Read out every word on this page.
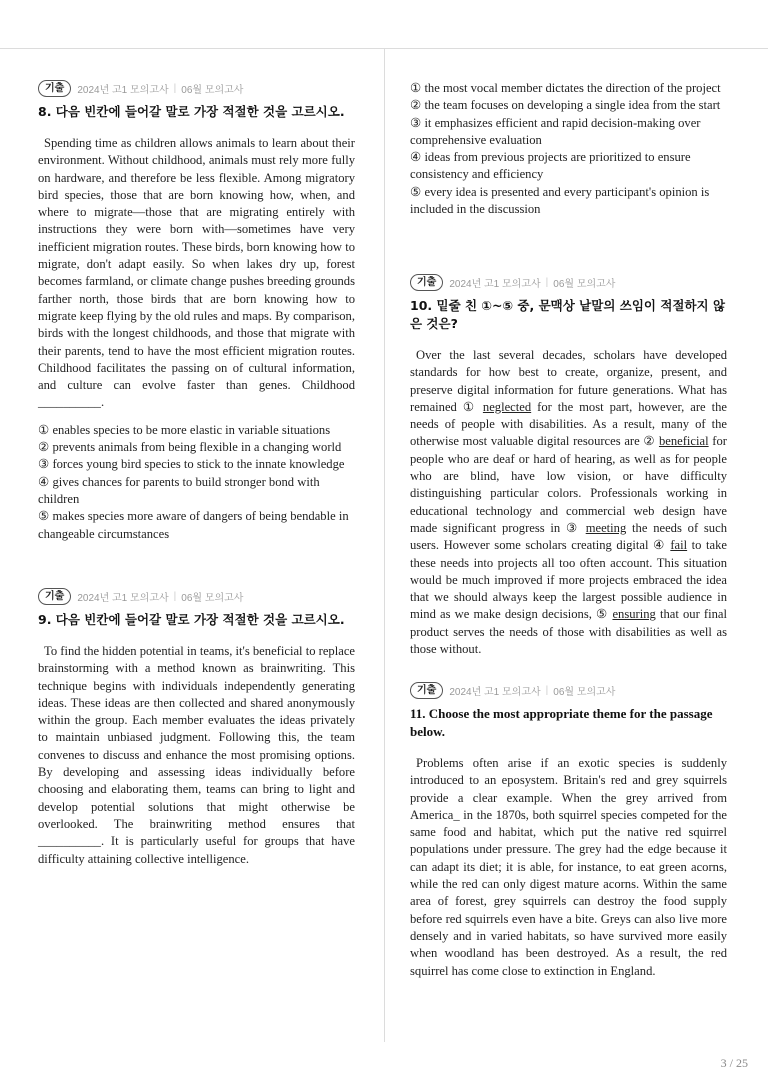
기출	2024년 고1 모의고사 | 06월 모의고사
8. 다음 빈칸에 들어갈 말로 가장 적절한 것을 고르시오.

Spending time as children allows animals to learn about their environment. Without childhood, animals must rely more fully on hardware, and therefore be less flexible. Among migratory bird species, those that are born knowing how, when, and where to migrate—those that are migrating entirely with instructions they were born with—sometimes have very inefficient migration routes. These birds, born knowing how to migrate, don't adapt easily. So when lakes dry up, forest becomes farmland, or climate change pushes breeding grounds farther north, those birds that are born knowing how to migrate keep flying by the old rules and maps. By comparison, birds with the longest childhoods, and those that migrate with their parents, tend to have the most efficient migration routes. Childhood facilitates the passing on of cultural information, and culture can evolve faster than genes. Childhood __________.

① enables species to be more elastic in variable situations

② prevents animals from being flexible in a changing world

③ forces young bird species to stick to the innate knowledge

④ gives chances for parents to build stronger bond with children

⑤ makes species more aware of dangers of being bendable in changeable circumstances

기출	2024년 고1 모의고사 | 06월 모의고사
9. 다음 빈칸에 들어갈 말로 가장 적절한 것을 고르시오.

To find the hidden potential in teams, it's beneficial to replace brainstorming with a method known as brainwriting. This technique begins with individuals independently generating ideas. These ideas are then collected and shared anonymously within the group. Each member evaluates the ideas privately to maintain unbiased judgment. Following this, the team convenes to discuss and enhance the most promising options. By developing and assessing ideas individually before choosing and elaborating them, teams can bring to light and develop potential solutions that might otherwise be overlooked. The brainwriting method ensures that __________. It is particularly useful for groups that have difficulty attaining collective intelligence.

① the most vocal member dictates the direction of the project

② the team focuses on developing a single idea from the start

③ it emphasizes efficient and rapid decision-making over comprehensive evaluation

④ ideas from previous projects are prioritized to ensure consistency and efficiency

⑤ every idea is presented and every participant's opinion is included in the discussion

기출	2024년 고1 모의고사 | 06월 모의고사
10. 밑줄 친 ①~⑤ 중, 문맥상 낱말의 쓰임이 적절하지 않은 것은?

Over the last several decades, scholars have developed standards for how best to create, organize, present, and preserve digital information for future generations. What has remained ① neglected for the most part, however, are the needs of people with disabilities. As a result, many of the otherwise most valuable digital resources are ② beneficial for people who are deaf or hard of hearing, as well as for people who are blind, have low vision, or have difficulty distinguishing particular colors. Professionals working in educational technology and commercial web design have made significant progress in ③ meeting the needs of such users. However some scholars creating digital ④ fail to take these needs into projects all too often account. This situation would be much improved if more projects embraced the idea that we should always keep the largest possible audience in mind as we make design decisions, ⑤ ensuring that our final product serves the needs of those with disabilities as well as those without.

기출	2024년 고1 모의고사 | 06월 모의고사
11. Choose the most appropriate theme for the passage below.

Problems often arise if an exotic species is suddenly introduced to an eposystem. Britain's red and grey squirrels provide a clear example. When the grey arrived from America_ in the 1870s, both squirrel species competed for the same food and habitat, which put the native red squirrel populations under pressure. The grey had the edge because it can adapt its diet; it is able, for instance, to eat green acorns, while the red can only digest mature acorns. Within the same area of forest, grey squirrels can destroy the food supply before red squirrels even have a bite. Greys can also live more densely and in varied habitats, so have survived more easily when woodland has been destroyed. As a result, the red squirrel has come close to extinction in England.

3 / 25
